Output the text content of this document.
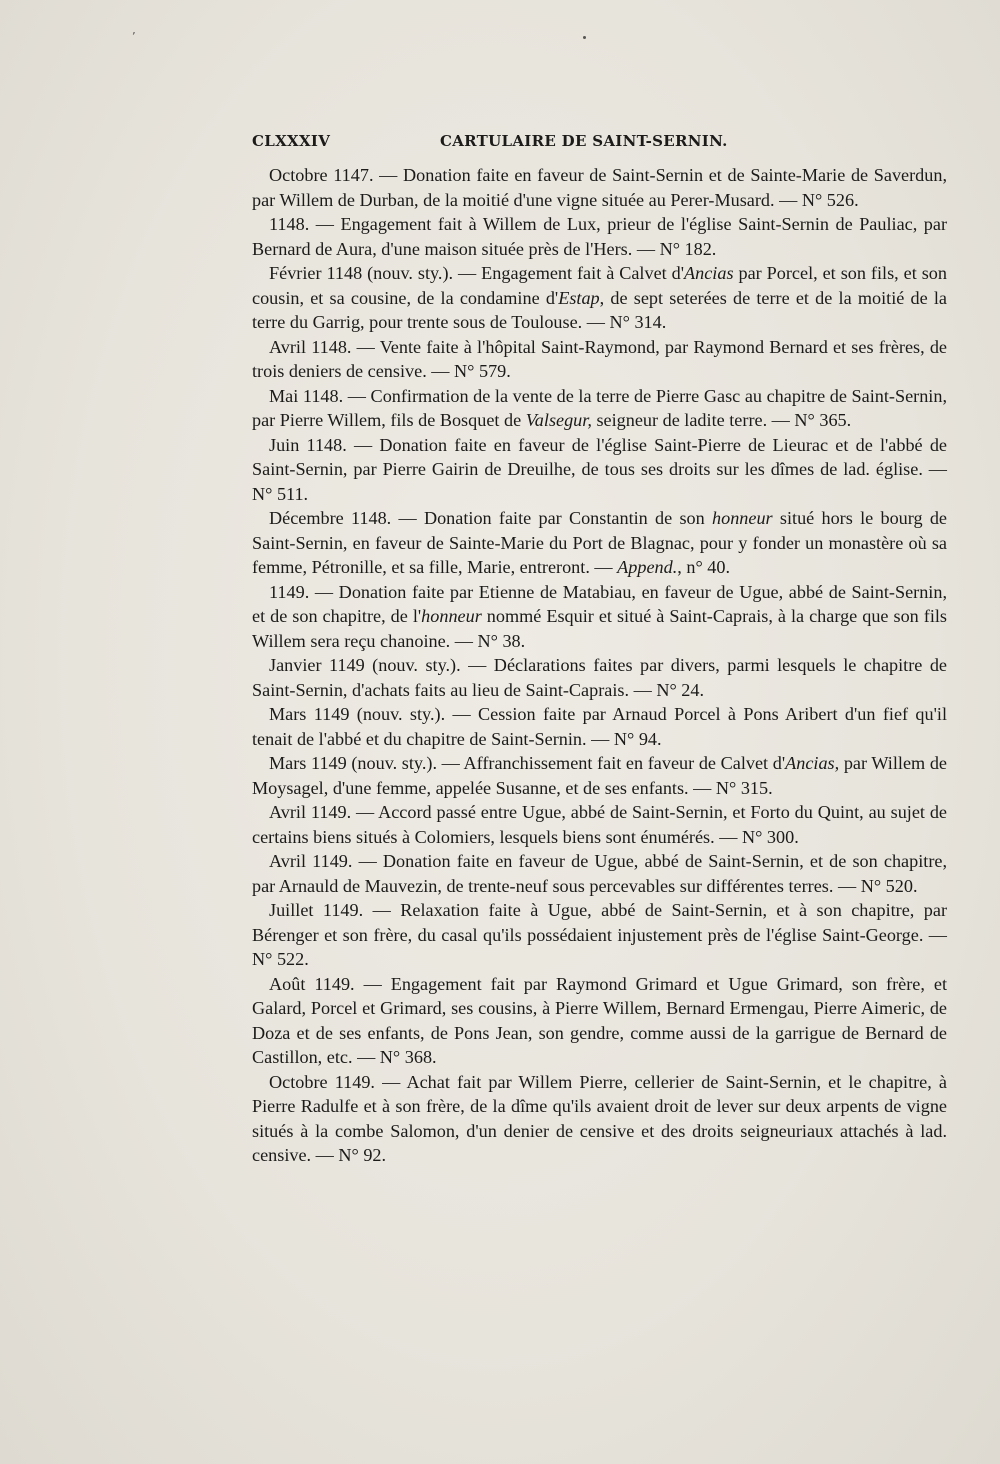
’
CLXXXIV	CARTULAIRE DE SAINT-SERNIN.

Octobre 1147. — Donation faite en faveur de Saint-Sernin et de Sainte-Marie de Saverdun, par Willem de Durban, de la moitié d'une vigne située au Perer-Musard. — N° 526.

1148. — Engagement fait à Willem de Lux, prieur de l'église Saint-Sernin de Pauliac, par Bernard de Aura, d'une maison située près de l'Hers. — N° 182.

Février 1148 (nouv. sty.). — Engagement fait à Calvet d'Ancias par Porcel, et son fils, et son cousin, et sa cousine, de la condamine d'Estap, de sept seterées de terre et de la moitié de la terre du Garrig, pour trente sous de Toulouse. — N° 314.

Avril 1148. — Vente faite à l'hôpital Saint-Raymond, par Raymond Bernard et ses frères, de trois deniers de censive. — N° 579.

Mai 1148. — Confirmation de la vente de la terre de Pierre Gasc au chapitre de Saint-Sernin, par Pierre Willem, fils de Bosquet de Valsegur, seigneur de ladite terre. — N° 365.

Juin 1148. — Donation faite en faveur de l'église Saint-Pierre de Lieurac et de l'abbé de Saint-Sernin, par Pierre Gairin de Dreuilhe, de tous ses droits sur les dîmes de lad. église. — N° 511.

Décembre 1148. — Donation faite par Constantin de son honneur situé hors le bourg de Saint-Sernin, en faveur de Sainte-Marie du Port de Blagnac, pour y fonder un monastère où sa femme, Pétronille, et sa fille, Marie, entreront. — Append., n° 40.

1149. — Donation faite par Etienne de Matabiau, en faveur de Ugue, abbé de Saint-Sernin, et de son chapitre, de l'honneur nommé Esquir et situé à Saint-Caprais, à la charge que son fils Willem sera reçu chanoine. — N° 38.

Janvier 1149 (nouv. sty.). — Déclarations faites par divers, parmi lesquels le chapitre de Saint-Sernin, d'achats faits au lieu de Saint-Caprais. — N° 24.

Mars 1149 (nouv. sty.). — Cession faite par Arnaud Porcel à Pons Aribert d'un fief qu'il tenait de l'abbé et du chapitre de Saint-Sernin. — N° 94.

Mars 1149 (nouv. sty.). — Affranchissement fait en faveur de Calvet d'Ancias, par Willem de Moysagel, d'une femme, appelée Susanne, et de ses enfants. — N° 315.

Avril 1149. — Accord passé entre Ugue, abbé de Saint-Sernin, et Forto du Quint, au sujet de certains biens situés à Colomiers, lesquels biens sont énumérés. — N° 300.

Avril 1149. — Donation faite en faveur de Ugue, abbé de Saint-Sernin, et de son chapitre, par Arnauld de Mauvezin, de trente-neuf sous percevables sur différentes terres. — N° 520.

Juillet 1149. — Relaxation faite à Ugue, abbé de Saint-Sernin, et à son chapitre, par Bérenger et son frère, du casal qu'ils possédaient injustement près de l'église Saint-George. — N° 522.

Août 1149. — Engagement fait par Raymond Grimard et Ugue Grimard, son frère, et Galard, Porcel et Grimard, ses cousins, à Pierre Willem, Bernard Ermengau, Pierre Aimeric, de Doza et de ses enfants, de Pons Jean, son gendre, comme aussi de la garrigue de Bernard de Castillon, etc. — N° 368.

Octobre 1149. — Achat fait par Willem Pierre, cellerier de Saint-Sernin, et le chapitre, à Pierre Radulfe et à son frère, de la dîme qu'ils avaient droit de lever sur deux arpents de vigne situés à la combe Salomon, d'un denier de censive et des droits seigneuriaux attachés à lad. censive. — N° 92.
